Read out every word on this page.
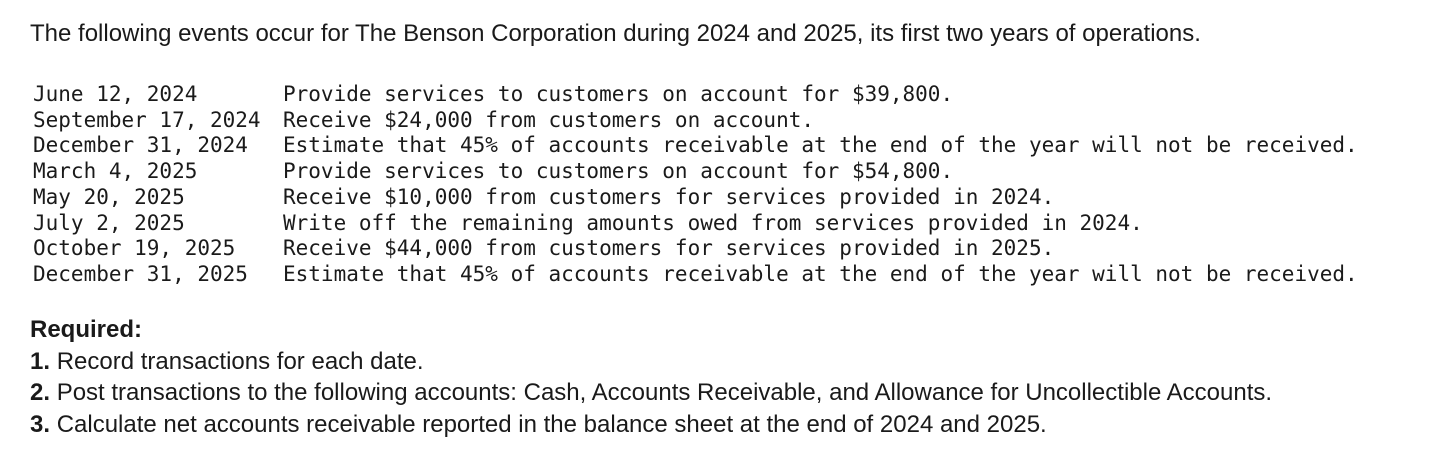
The following events occur for The Benson Corporation during 2024 and 2025, its first two years of operations.

June 12, 2024	Provide services to customers on account for $39,800.
September 17, 2024	Receive $24,000 from customers on account.
December 31, 2024	Estimate that 45% of accounts receivable at the end of the year will not be received.
March 4, 2025	Provide services to customers on account for $54,800.
May 20, 2025	Receive $10,000 from customers for services provided in 2024.
July 2, 2025	Write off the remaining amounts owed from services provided in 2024.
October 19, 2025	Receive $44,000 from customers for services provided in 2025.
December 31, 2025	Estimate that 45% of accounts receivable at the end of the year will not be received.
Required:
1. Record transactions for each date.
2. Post transactions to the following accounts: Cash, Accounts Receivable, and Allowance for Uncollectible Accounts.
3. Calculate net accounts receivable reported in the balance sheet at the end of 2024 and 2025.
